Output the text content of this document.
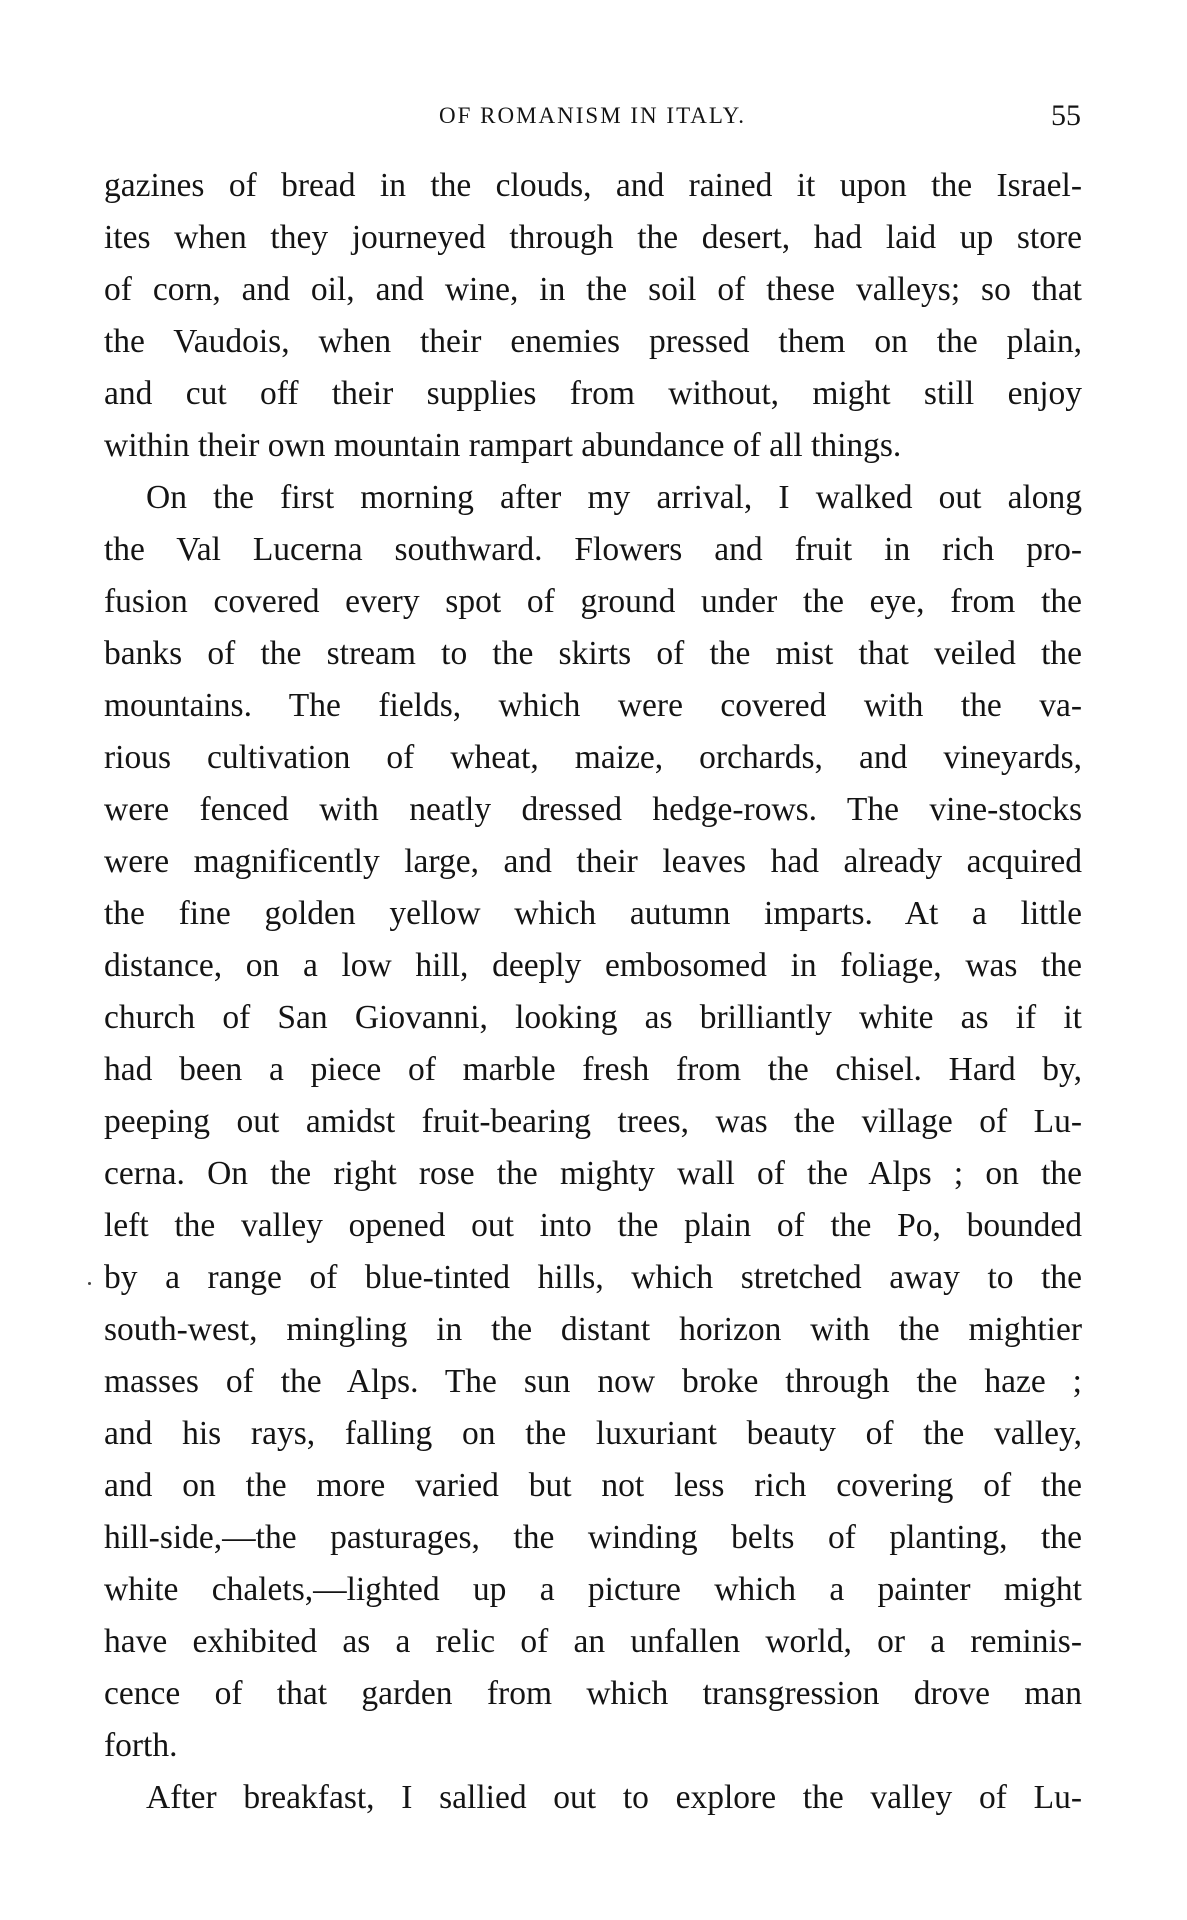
OF ROMANISM IN ITALY.	55
gazines of bread in the clouds, and rained it upon the Israel-
ites when they journeyed through the desert, had laid up store
of corn, and oil, and wine, in the soil of these valleys; so that
the Vaudois, when their enemies pressed them on the plain,
and cut off their supplies from without, might still enjoy
within their own mountain rampart abundance of all things.
On the first morning after my arrival, I walked out along
the Val Lucerna southward. Flowers and fruit in rich pro-
fusion covered every spot of ground under the eye, from the
banks of the stream to the skirts of the mist that veiled the
mountains. The fields, which were covered with the va-
rious cultivation of wheat, maize, orchards, and vineyards,
were fenced with neatly dressed hedge-rows. The vine-stocks
were magnificently large, and their leaves had already acquired
the fine golden yellow which autumn imparts. At a little
distance, on a low hill, deeply embosomed in foliage, was the
church of San Giovanni, looking as brilliantly white as if it
had been a piece of marble fresh from the chisel. Hard by,
peeping out amidst fruit-bearing trees, was the village of Lu-
cerna. On the right rose the mighty wall of the Alps ; on the
left the valley opened out into the plain of the Po, bounded
by a range of blue-tinted hills, which stretched away to the
south-west, mingling in the distant horizon with the mightier
masses of the Alps. The sun now broke through the haze ;
and his rays, falling on the luxuriant beauty of the valley,
and on the more varied but not less rich covering of the
hill-side,—the pasturages, the winding belts of planting, the
white chalets,—lighted up a picture which a painter might
have exhibited as a relic of an unfallen world, or a reminis-
cence of that garden from which transgression drove man
forth.
After breakfast, I sallied out to explore the valley of Lu-
